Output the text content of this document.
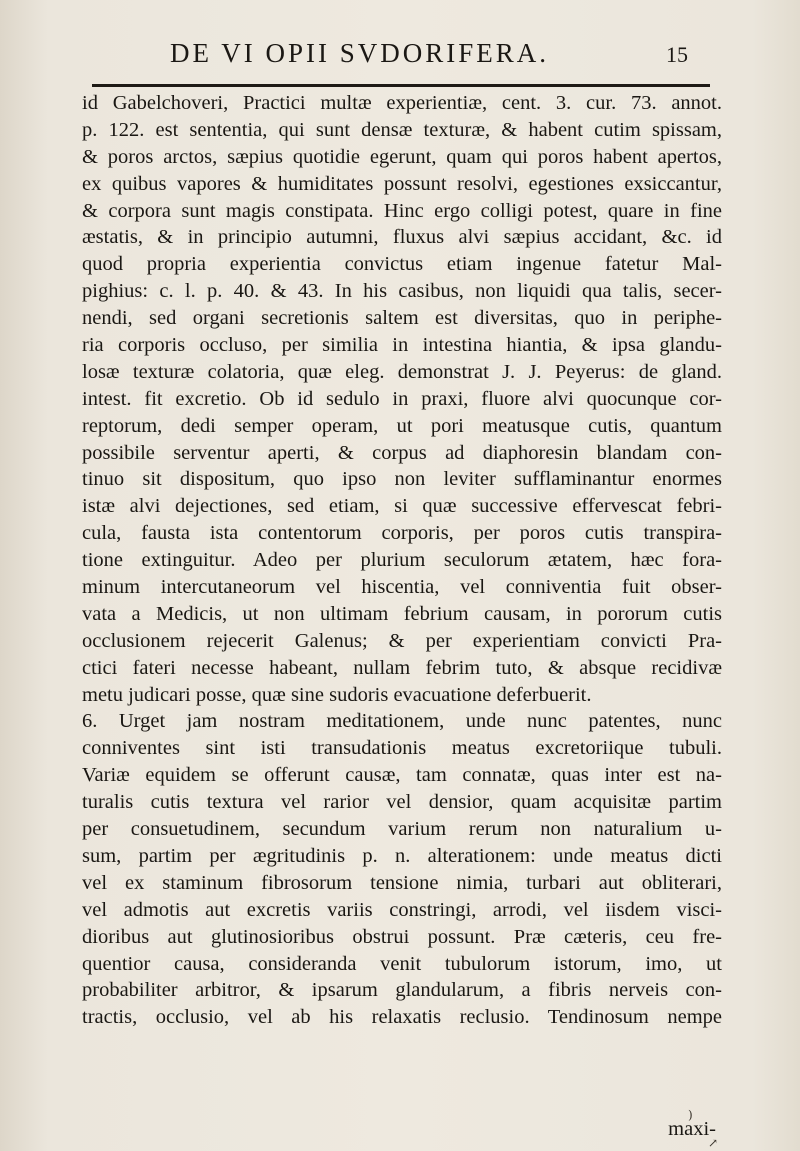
DE VI OPII SVDORIFERA.	15
id Gabelchoveri, Practici multæ experientiæ, cent. 3. cur. 73. annot.
p. 122. est sententia, qui sunt densæ texturæ, & habent cutim spissam,
& poros arctos, sæpius quotidie egerunt, quam qui poros habent apertos,
ex quibus vapores & humiditates possunt resolvi, egestiones exsiccantur,
& corpora sunt magis constipata. Hinc ergo colligi potest, quare in fine
æstatis, & in principio autumni, fluxus alvi sæpius accidant, &c. id
quod propria experientia convictus etiam ingenue fatetur Mal-
pighius: c. l. p. 40. & 43. In his casibus, non liquidi qua talis, secer-
nendi, sed organi secretionis saltem est diversitas, quo in periphe-
ria corporis occluso, per similia in intestina hiantia, & ipsa glandu-
losæ texturæ colatoria, quæ eleg. demonstrat J. J. Peyerus: de gland.
intest. fit excretio. Ob id sedulo in praxi, fluore alvi quocunque cor-
reptorum, dedi semper operam, ut pori meatusque cutis, quantum
possibile serventur aperti, & corpus ad diaphoresin blandam con-
tinuo sit dispositum, quo ipso non leviter sufflaminantur enormes
istæ alvi dejectiones, sed etiam, si quæ successive effervescat febri-
cula, fausta ista contentorum corporis, per poros cutis transpira-
tione extinguitur. Adeo per plurium seculorum ætatem, hæc fora-
minum intercutaneorum vel hiscentia, vel conniventia fuit obser-
vata a Medicis, ut non ultimam febrium causam, in pororum cutis
occlusionem rejecerit Galenus; & per experientiam convicti Pra-
ctici fateri necesse habeant, nullam febrim tuto, & absque recidivæ
metu judicari posse, quæ sine sudoris evacuatione deferbuerit.
6. Urget jam nostram meditationem, unde nunc patentes, nunc
conniventes sint isti transudationis meatus excretoriique tubuli.
Variæ equidem se offerunt causæ, tam connatæ, quas inter est na-
turalis cutis textura vel rarior vel densior, quam acquisitæ partim
per consuetudinem, secundum varium rerum non naturalium u-
sum, partim per ægritudinis p. n. alterationem: unde meatus dicti
vel ex staminum fibrosorum tensione nimia, turbari aut obliterari,
vel admotis aut excretis variis constringi, arrodi, vel iisdem visci-
dioribus aut glutinosioribus obstrui possunt. Præ cæteris, ceu fre-
quentior causa, consideranda venit tubulorum istorum, imo, ut
probabiliter arbitror, & ipsarum glandularum, a fibris nerveis con-
tractis, occlusio, vel ab his relaxatis reclusio. Tendinosum nempe
maxi-
)
↗
